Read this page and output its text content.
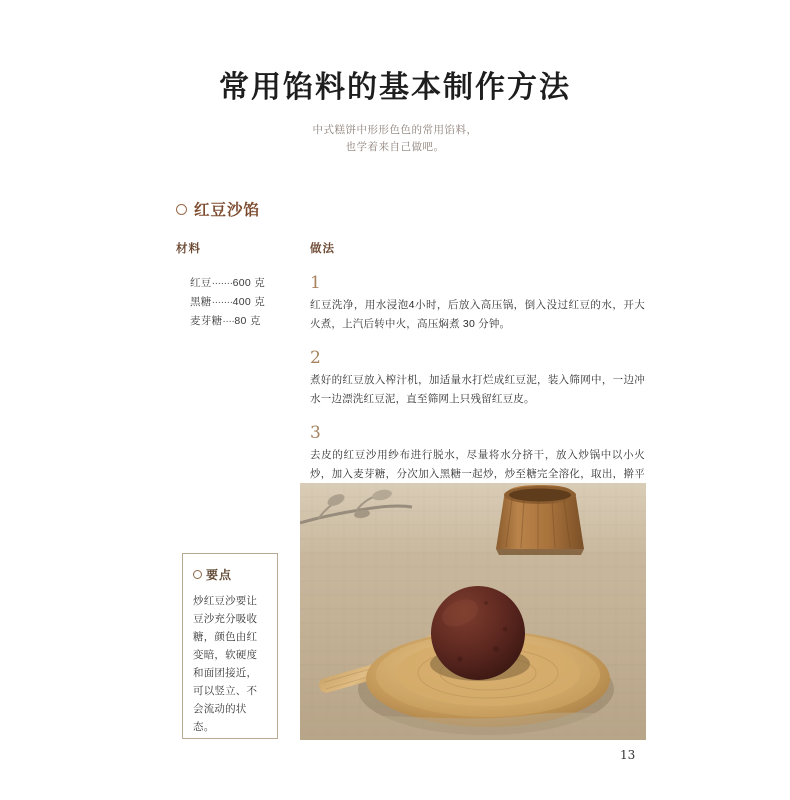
常用馅料的基本制作方法
中式糕饼中形形色色的常用馅料，
也学着来自己做吧。
红豆沙馅
材料
红豆·······600 克
黑糖·······400 克
麦芽糖····80 克
做法
1
红豆洗净，用水浸泡4小时，后放入高压锅，倒入没过红豆的水，开大火煮，上汽后转中火，高压焖煮 30 分钟。
2
煮好的红豆放入榨汁机，加适量水打烂成红豆泥，装入筛网中，一边冲水一边漂洗红豆泥，直至筛网上只残留红豆皮。
3
去皮的红豆沙用纱布进行脱水，尽量将水分挤干，放入炒锅中以小火炒，加入麦芽糖，分次加入黑糖一起炒，炒至糖完全溶化，取出，擀平
要点
炒红豆沙要让豆沙充分吸收糖，颜色由红变暗，软硬度和面团接近，可以竖立、不会流动的状态。
13
